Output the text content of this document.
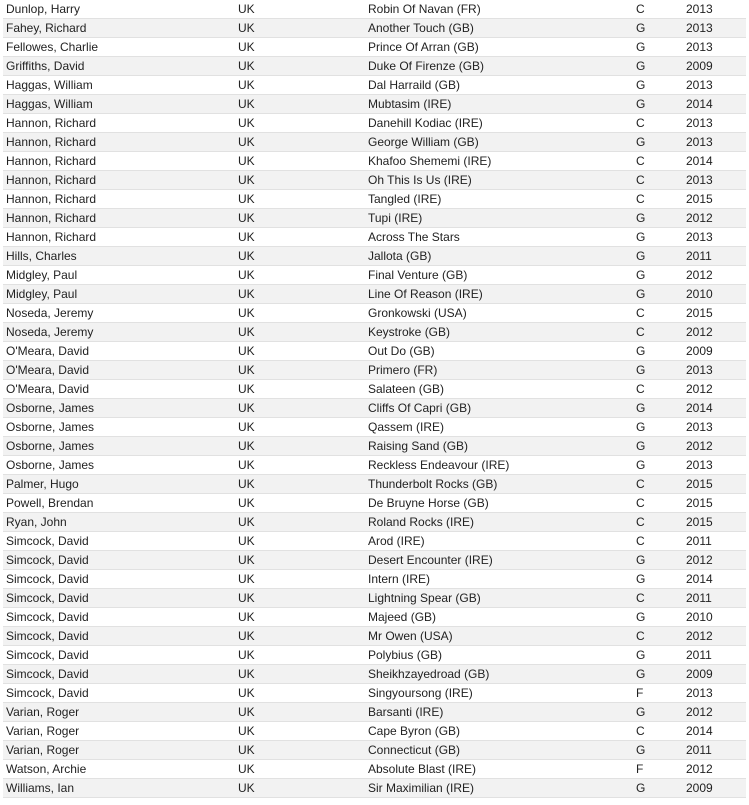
Dunlop, Harry	UK	Robin Of Navan (FR)	C	2013
Fahey, Richard	UK	Another Touch (GB)	G	2013
Fellowes, Charlie	UK	Prince Of Arran (GB)	G	2013
Griffiths, David	UK	Duke Of Firenze (GB)	G	2009
Haggas, William	UK	Dal Harraild (GB)	G	2013
Haggas, William	UK	Mubtasim (IRE)	G	2014
Hannon, Richard	UK	Danehill Kodiac (IRE)	C	2013
Hannon, Richard	UK	George William (GB)	G	2013
Hannon, Richard	UK	Khafoo Shememi (IRE)	C	2014
Hannon, Richard	UK	Oh This Is Us (IRE)	C	2013
Hannon, Richard	UK	Tangled (IRE)	C	2015
Hannon, Richard	UK	Tupi (IRE)	G	2012
Hannon, Richard	UK	Across The Stars	G	2013
Hills, Charles	UK	Jallota (GB)	G	2011
Midgley, Paul	UK	Final Venture (GB)	G	2012
Midgley, Paul	UK	Line Of Reason (IRE)	G	2010
Noseda, Jeremy	UK	Gronkowski (USA)	C	2015
Noseda, Jeremy	UK	Keystroke (GB)	C	2012
O'Meara, David	UK	Out Do (GB)	G	2009
O'Meara, David	UK	Primero (FR)	G	2013
O'Meara, David	UK	Salateen (GB)	C	2012
Osborne, James	UK	Cliffs Of Capri (GB)	G	2014
Osborne, James	UK	Qassem (IRE)	G	2013
Osborne, James	UK	Raising Sand (GB)	G	2012
Osborne, James	UK	Reckless Endeavour (IRE)	G	2013
Palmer, Hugo	UK	Thunderbolt Rocks (GB)	C	2015
Powell, Brendan	UK	De Bruyne Horse (GB)	C	2015
Ryan, John	UK	Roland Rocks (IRE)	C	2015
Simcock, David	UK	Arod (IRE)	C	2011
Simcock, David	UK	Desert Encounter (IRE)	G	2012
Simcock, David	UK	Intern (IRE)	G	2014
Simcock, David	UK	Lightning Spear (GB)	C	2011
Simcock, David	UK	Majeed (GB)	G	2010
Simcock, David	UK	Mr Owen (USA)	C	2012
Simcock, David	UK	Polybius (GB)	G	2011
Simcock, David	UK	Sheikhzayedroad (GB)	G	2009
Simcock, David	UK	Singyoursong (IRE)	F	2013
Varian, Roger	UK	Barsanti (IRE)	G	2012
Varian, Roger	UK	Cape Byron (GB)	C	2014
Varian, Roger	UK	Connecticut (GB)	G	2011
Watson, Archie	UK	Absolute Blast (IRE)	F	2012
Williams, Ian	UK	Sir Maximilian (IRE)	G	2009
